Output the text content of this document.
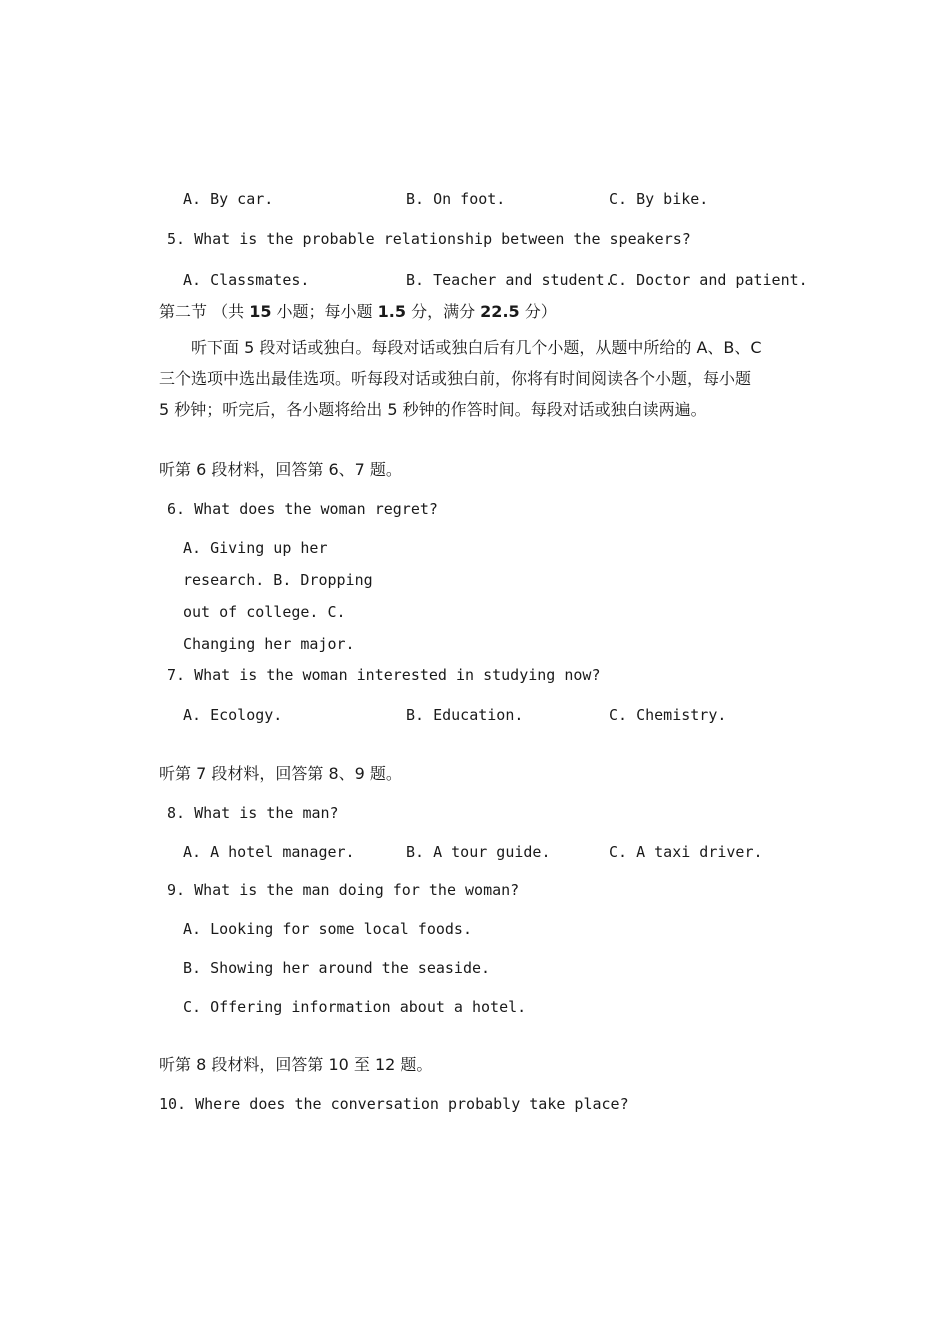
A. By car.	B. On foot.	C. By bike.
5. What is the probable relationship between the speakers?
A. Classmates.	B. Teacher and student.
C. Doctor and patient.
第二节 （共 15 小题；每小题 1.5 分，满分 22.5 分）
听下面 5 段对话或独白。每段对话或独白后有几个小题，从题中所给的 A、B、C
三个选项中选出最佳选项。听每段对话或独白前，你将有时间阅读各个小题，每小题
5 秒钟；听完后，各小题将给出 5 秒钟的作答时间。每段对话或独白读两遍。
听第 6 段材料，回答第 6、7 题。
6. What does the woman regret?
A. Giving up her
research. B. Dropping
out of college. C.
Changing her major.
7. What is the woman interested in studying now?
A. Ecology.	B. Education.	C. Chemistry.
听第 7 段材料，回答第 8、9 题。
8. What is the man?
A. A hotel manager.	B. A tour guide.	C. A taxi driver.
9. What is the man doing for the woman?
A. Looking for some local foods.
B. Showing her around the seaside.
C. Offering information about a hotel.
听第 8 段材料，回答第 10 至 12 题。
10. Where does the conversation probably take place?
